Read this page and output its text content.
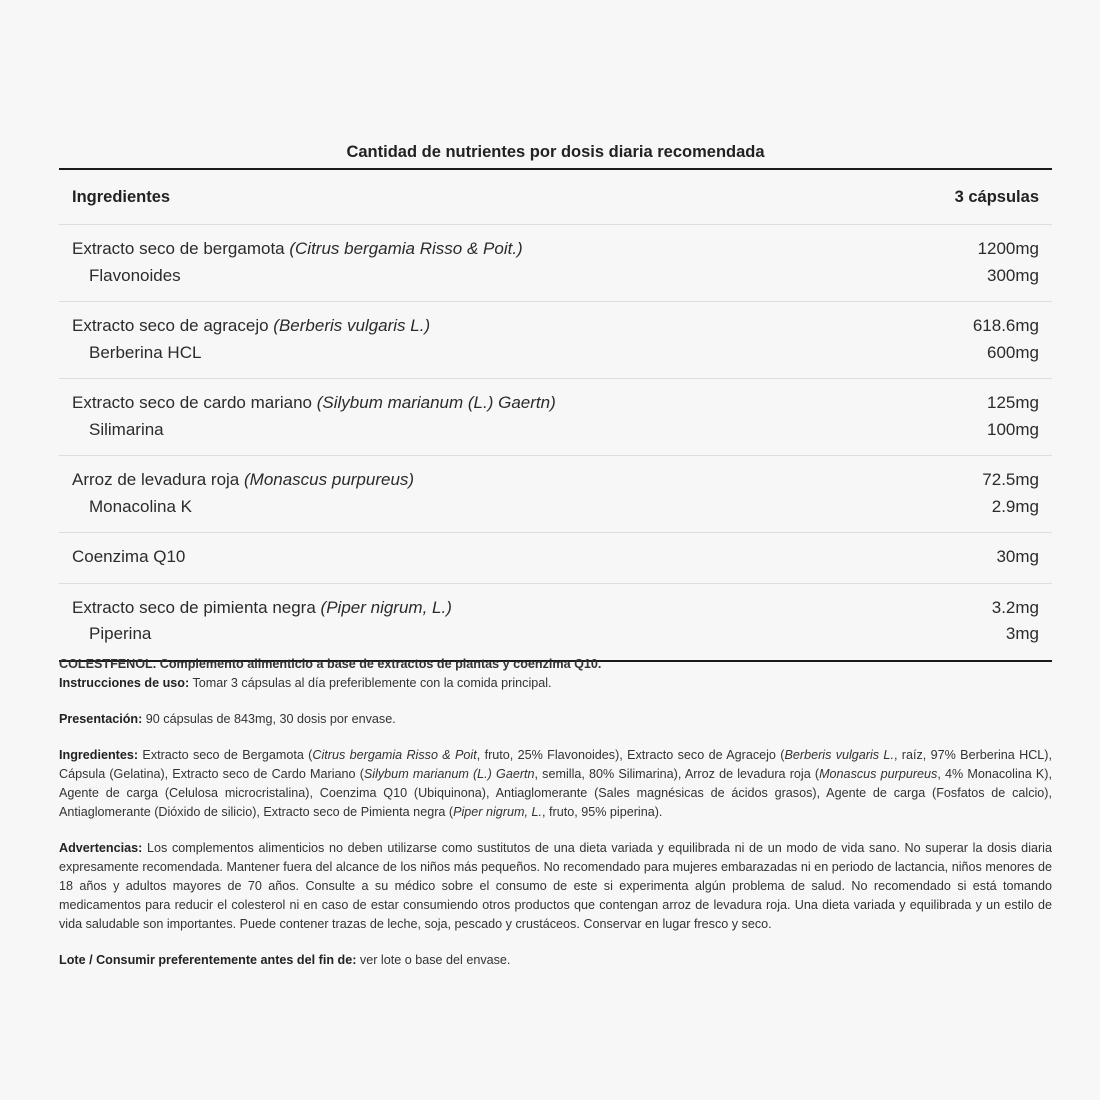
Cantidad de nutrientes por dosis diaria recomendada
Ingredientes	3 cápsulas
Extracto seco de bergamota (Citrus bergamia Risso & Poit.)	1200mg
Flavonoides	300mg
Extracto seco de agracejo (Berberis vulgaris L.)	618.6mg
Berberina HCL	600mg
Extracto seco de cardo mariano (Silybum marianum (L.) Gaertn)	125mg
Silimarina	100mg
Arroz de levadura roja (Monascus purpureus)	72.5mg
Monacolina K	2.9mg
Coenzima Q10	30mg
Extracto seco de pimienta negra (Piper nigrum, L.)	3.2mg
Piperina	3mg

COLESTFENOL. Complemento alimenticio a base de extractos de plantas y coenzima Q10.
Instrucciones de uso: Tomar 3 cápsulas al día preferiblemente con la comida principal.

Presentación: 90 cápsulas de 843mg, 30 dosis por envase.

Ingredientes: Extracto seco de Bergamota (Citrus bergamia Risso & Poit, fruto, 25% Flavonoides), Extracto seco de Agracejo (Berberis vulgaris L., raíz, 97% Berberina HCL), Cápsula (Gelatina), Extracto seco de Cardo Mariano (Silybum marianum (L.) Gaertn, semilla, 80% Silimarina), Arroz de levadura roja (Monascus purpureus, 4% Monacolina K), Agente de carga (Celulosa microcristalina), Coenzima Q10 (Ubiquinona), Antiaglomerante (Sales magnésicas de ácidos grasos), Agente de carga (Fosfatos de calcio), Antiaglomerante (Dióxido de silicio), Extracto seco de Pimienta negra (Piper nigrum, L., fruto, 95% piperina).

Advertencias: Los complementos alimenticios no deben utilizarse como sustitutos de una dieta variada y equilibrada ni de un modo de vida sano. No superar la dosis diaria expresamente recomendada. Mantener fuera del alcance de los niños más pequeños. No recomendado para mujeres embarazadas ni en periodo de lactancia, niños menores de 18 años y adultos mayores de 70 años. Consulte a su médico sobre el consumo de este si experimenta algún problema de salud. No recomendado si está tomando medicamentos para reducir el colesterol ni en caso de estar consumiendo otros productos que contengan arroz de levadura roja. Una dieta variada y equilibrada y un estilo de vida saludable son importantes. Puede contener trazas de leche, soja, pescado y crustáceos. Conservar en lugar fresco y seco.

Lote / Consumir preferentemente antes del fin de: ver lote o base del envase.
